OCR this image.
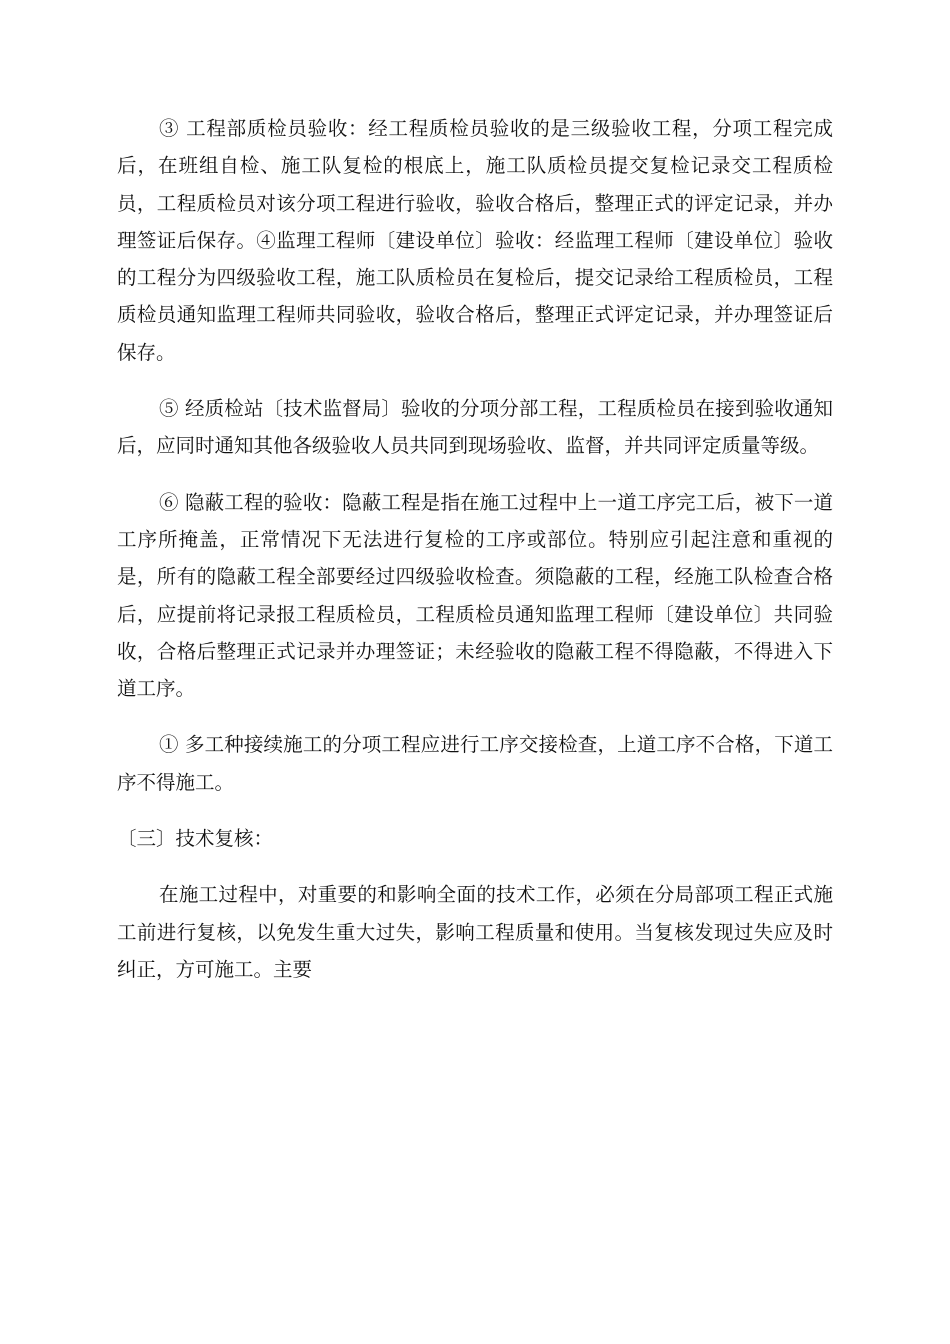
③ 工程部质检员验收：经工程质检员验收的是三级验收工程，分项工程完成后，在班组自检、施工队复检的根底上，施工队质检员提交复检记录交工程质检员，工程质检员对该分项工程进行验收，验收合格后，整理正式的评定记录，并办理签证后保存。④监理工程师〔建设单位〕验收：经监理工程师〔建设单位〕验收的工程分为四级验收工程，施工队质检员在复检后，提交记录给工程质检员，工程质检员通知监理工程师共同验收，验收合格后，整理正式评定记录，并办理签证后保存。

⑤ 经质检站〔技术监督局〕验收的分项分部工程，工程质检员在接到验收通知后，应同时通知其他各级验收人员共同到现场验收、监督，并共同评定质量等级。

⑥ 隐蔽工程的验收：隐蔽工程是指在施工过程中上一道工序完工后，被下一道工序所掩盖，正常情况下无法进行复检的工序或部位。特别应引起注意和重视的是，所有的隐蔽工程全部要经过四级验收检查。须隐蔽的工程，经施工队检查合格后，应提前将记录报工程质检员，工程质检员通知监理工程师〔建设单位〕共同验收，合格后整理正式记录并办理签证；未经验收的隐蔽工程不得隐蔽，不得进入下道工序。

① 多工种接续施工的分项工程应进行工序交接检查，上道工序不合格，下道工序不得施工。

〔三〕技术复核：

在施工过程中，对重要的和影响全面的技术工作，必须在分局部项工程正式施工前进行复核，以免发生重大过失，影响工程质量和使用。当复核发现过失应及时纠正，方可施工。主要
